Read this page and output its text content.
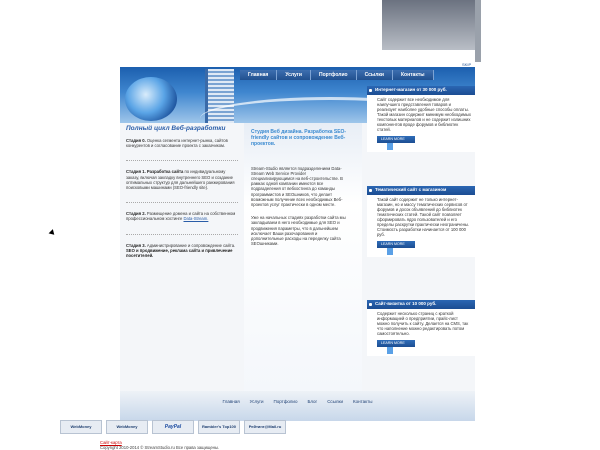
SKIP
Главная	Услуги	Портфолио	Ссылки	Контакты
Полный цикл Веб-разработки
Стадия 0. Оценка сегмента интернет-рынка, сайтов конкурентов и согласование проекта с заказчиком.
Стадия 1. Разработка сайта по индивидуальному заказу, включая закладку внутреннего SEO и создание оптимальных структур для дальнейшего ранжирования поисковыми машинами (SEO-friendly site).
Стадия 2. Размещение домена и сайта на собственном профессиональном хостинге Data-Stream.
Стадия 3. Администрирование и сопровождение сайта.
SEO и продвижение, реклама сайта и привлечение посетителей.
Студия Веб дизайна. Разработка SEO-friendly сайтов и сопровождение Веб-проектов.
Stream-Studio является подразделением Data-Stream Web Service Provider специализирующимся на веб-строительстве. В рамках одной компании имеются все подразделения от вебхостинга до команды программистов и SEOшников, что делает возможным получение всех необходимых Веб-проектов услуг практически в одном месте.
Уже на начальных стадиях разработки сайта мы закладываем в него необходимые для SEO и продвижения параметры, что в дальнейшем исключает Ваши разочарования и дополнительные расходы на переделку сайта SEOшниками.
Интернет-магазин от 30 000 руб.
Сайт содержит все необходимое для наилучшего представления товаров и реализует наиболее удобные способы оплаты. Такой магазин содержит минимум необходимых текстовых материалов и не содержит излишних компонентов вроде форумов и библиотек статей.
LEARN MORE
Тематический сайт с магазином
Такой сайт содержит не только интернет-магазин, но и массу тематических сервисов от форумов и досок объявлений до библиотек тематических статей. Такой сайт позволяет сформировать ядро пользователей и его пределы раскрутки практически неограничены. Стоимость разработки начинается от 100 000 руб.
LEARN MORE
Сайт-визитка от 10 000 руб.
Содержит несколько страниц с краткой информацией о предприятии, прайс-лист можно получить к сайту. Делается на CMS, так что наполнение можно редактировать потом самостоятельно.
LEARN MORE
Главная Услуги Портфолио Блог Ссылки Контакты
WebMoney	WebMoney	PayPal	Rambler's Top100	Рейтинг@Mail.ru
Сайт-карта
Copyright 2010-2014 © StreamStudio.ru Все права защищены.
